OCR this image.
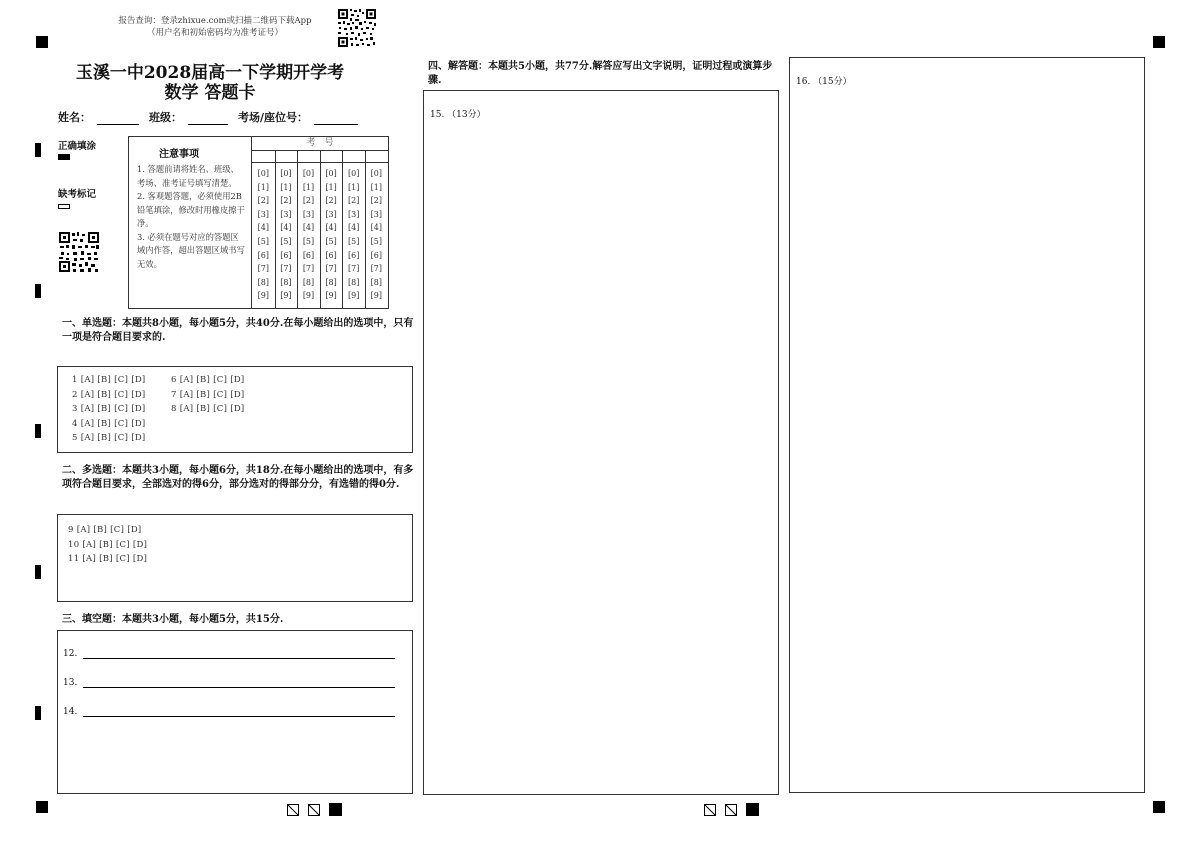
报告查询：登录zhixue.com或扫描二维码下载App
（用户名和初始密码均为准考证号）
玉溪一中2028届高一下学期开学考
数学 答题卡
姓名：	班级：	考场/座位号：
正确填涂
缺考标记
注意事项
1. 答题前请将姓名、班级、考场、准考证号填写清楚。
2. 客观题答题，必须使用2B铅笔填涂，修改时用橡皮擦干净。
3. 必须在题号对应的答题区域内作答，超出答题区域书写无效。
考　号
[0]
[1]
[2]
[3]
[4]
[5]
[6]
[7]
[8]
[9]
[0]
[1]
[2]
[3]
[4]
[5]
[6]
[7]
[8]
[9]
[0]
[1]
[2]
[3]
[4]
[5]
[6]
[7]
[8]
[9]
[0]
[1]
[2]
[3]
[4]
[5]
[6]
[7]
[8]
[9]
[0]
[1]
[2]
[3]
[4]
[5]
[6]
[7]
[8]
[9]
[0]
[1]
[2]
[3]
[4]
[5]
[6]
[7]
[8]
[9]
一、单选题：本题共8小题，每小题5分，共40分.在每小题给出的选项中，只有一项是符合题目要求的.
1 [A] [B] [C] [D]
2 [A] [B] [C] [D]
3 [A] [B] [C] [D]
4 [A] [B] [C] [D]
5 [A] [B] [C] [D]
6 [A] [B] [C] [D]
7 [A] [B] [C] [D]
8 [A] [B] [C] [D]
二、多选题：本题共3小题，每小题6分，共18分.在每小题给出的选项中，有多项符合题目要求，全部选对的得6分，部分选对的得部分分，有选错的得0分.
9 [A] [B] [C] [D]
10 [A] [B] [C] [D]
11 [A] [B] [C] [D]
三、填空题：本题共3小题，每小题5分，共15分.
12.
13.
14.
四、解答题：本题共5小题，共77分.解答应写出文字说明，证明过程或演算步骤.
15. （13分）
16. （15分）
